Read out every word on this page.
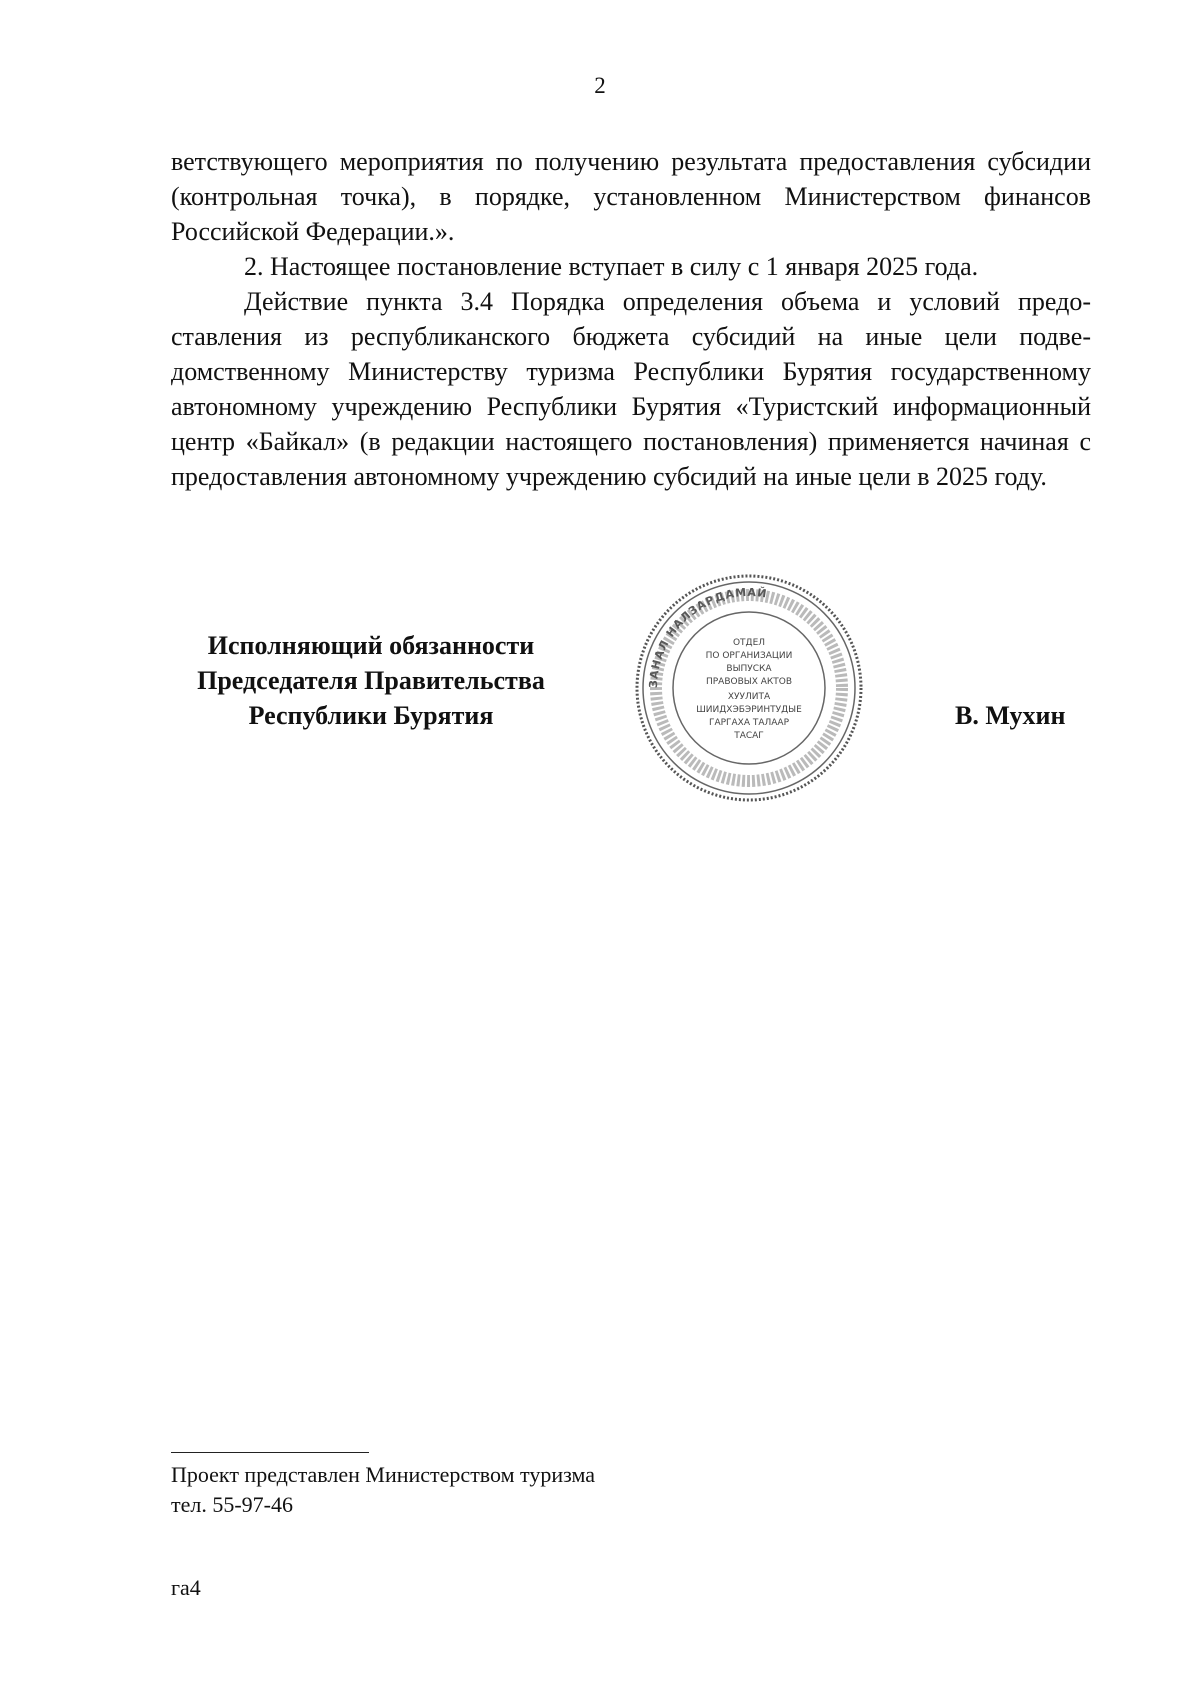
2

ветствующего мероприятия по получению результата предоставления субсидии (контрольная точка), в порядке, установленном Министерством финансов Российской Федерации.».

2. Настоящее постановление вступает в силу с 1 января 2025 года.

Действие пункта 3.4 Порядка определения объема и условий предоставления из республиканского бюджета субсидий на иные цели подведомственному Министерству туризма Республики Бурятия государственному автономному учреждению Республики Бурятия «Туристский информационный центр «Байкал» (в редакции настоящего постановления) применяется начиная с предоставления автономному учреждению субсидий на иные цели в 2025 году.

Исполняющий обязанности
Председателя Правительства
Республики Бурятия
ЗАНАЛ НАЛЗАРДАМАЙ
ОТДЕЛ
ПО ОРГАНИЗАЦИИ
ВЫПУСКА
ПРАВОВЫХ АКТОВ
ХУУЛИТА
ШИИДХЭБЭРИНТУДЫЕ
ГАРГАХА ТАЛААР
ТАСАГ
В. Мухин
Проект представлен Министерством туризма
тел. 55-97-46
га4
